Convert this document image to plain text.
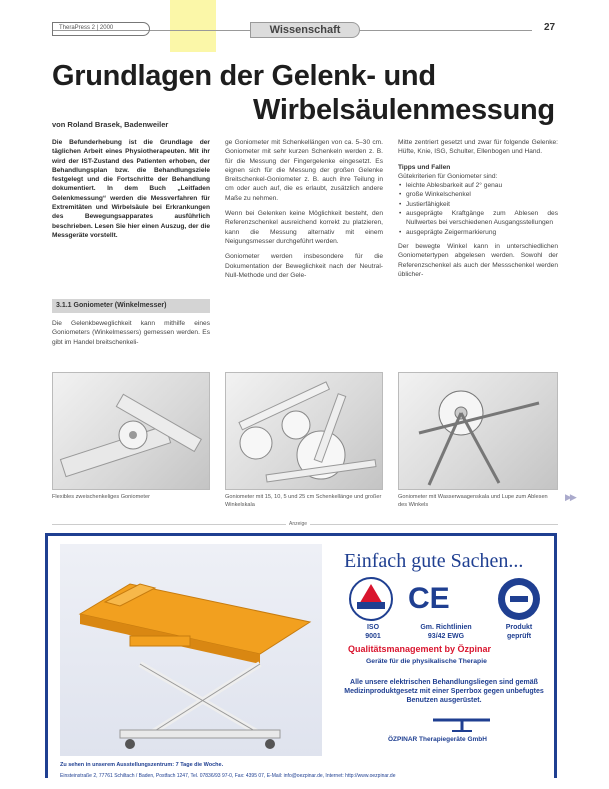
TheraPress 2 | 2000	Wissenschaft	27
Grundlagen der Gelenk- und
Wirbelsäulenmessung
von Roland Brasek, Badenweiler
Die Befunderhebung ist die Grundlage der täglichen Arbeit eines Physiotherapeuten. Mit ihr wird der IST-Zustand des Patienten erhoben, der Behandlungsplan bzw. die Behandlungsziele festgelegt und die Fortschritte der Behandlung dokumentiert. In dem Buch „Leitfaden Gelenkmessung“ werden die Messverfahren für Extremitäten und Wirbelsäule bei Erkrankungen des Bewegungsapparates ausführlich beschrieben. Lesen Sie hier einen Auszug, der die Messgeräte vorstellt.
3.1.1 Goniometer (Winkelmesser)
Die Gelenkbeweglichkeit kann mithilfe eines Goniometers (Winkelmessers) gemessen werden. Es gibt im Handel breitschenkeli-

ge Goniometer mit Schenkellängen von ca. 5–30 cm. Goniometer mit sehr kurzen Schenkeln werden z. B. für die Messung der Fingergelenke eingesetzt. Es eignen sich für die Messung der großen Gelenke Breitschenkel-Goniometer z. B. auch ihre Teilung in cm oder auch auf, die es erlaubt, zusätzlich andere Maße zu nehmen.

Wenn bei Gelenken keine Möglichkeit besteht, den Referenzschenkel ausreichend korrekt zu platzieren, kann die Messung alternativ mit einem Neigungsmesser durchgeführt werden.

Goniometer werden insbesondere für die Dokumentation der Beweglichkeit nach der Neutral-Null-Methode und der Gele-

Mitte zentriert gesetzt und zwar für folgende Gelenke: Hüfte, Knie, ISG, Schulter, Ellenbogen und Hand.

Tipps und Fallen
Gütekriterien für Goniometer sind:
• leichte Ablesbarkeit auf 2° genau
• große Winkelschenkel
• Justierfähigkeit
• ausgeprägte Kraftgänge zum Ablesen des Nullwertes bei verschiedenen Ausgangsstellungen
• ausgeprägte Zeigermarkierung

Der bewegte Winkel kann in unterschiedlichen Goniometertypen abgelesen werden. Sowohl der Referenzschenkel als auch der Messschenkel werden üblicher-

Flexibles zweischenkeliges Goniometer	Goniometer mit 15, 10, 5 und 25 cm Schenkellänge und großer Winkelskala
Goniometer mit Wasserwaagenskala und Lupe zum Ablesen des Winkels
▶▶
Anzeige
Einfach gute Sachen...
CE
ISO
9001
Gm. Richtlinien
93/42 EWG
Produkt
geprüft
Qualitätsmanagement by Özpinar
Geräte für die physikalische Therapie
Alle unsere elektrischen Behandlungsliegen sind gemäß Medizinproduktgesetz mit einer Sperrbox gegen unbefugtes Benutzen ausgerüstet.
ÖZPINAR Therapiegeräte GmbH
Zu sehen in unserem Ausstellungszentrum: 7 Tage die Woche.
Einsteinstraße 2, 77761 Schiltach / Baden, Postfach 1247, Tel. 07836/93 97-0, Fax: 4395 07, E-Mail: info@oezpinar.de, Internet: http://www.oezpinar.de
